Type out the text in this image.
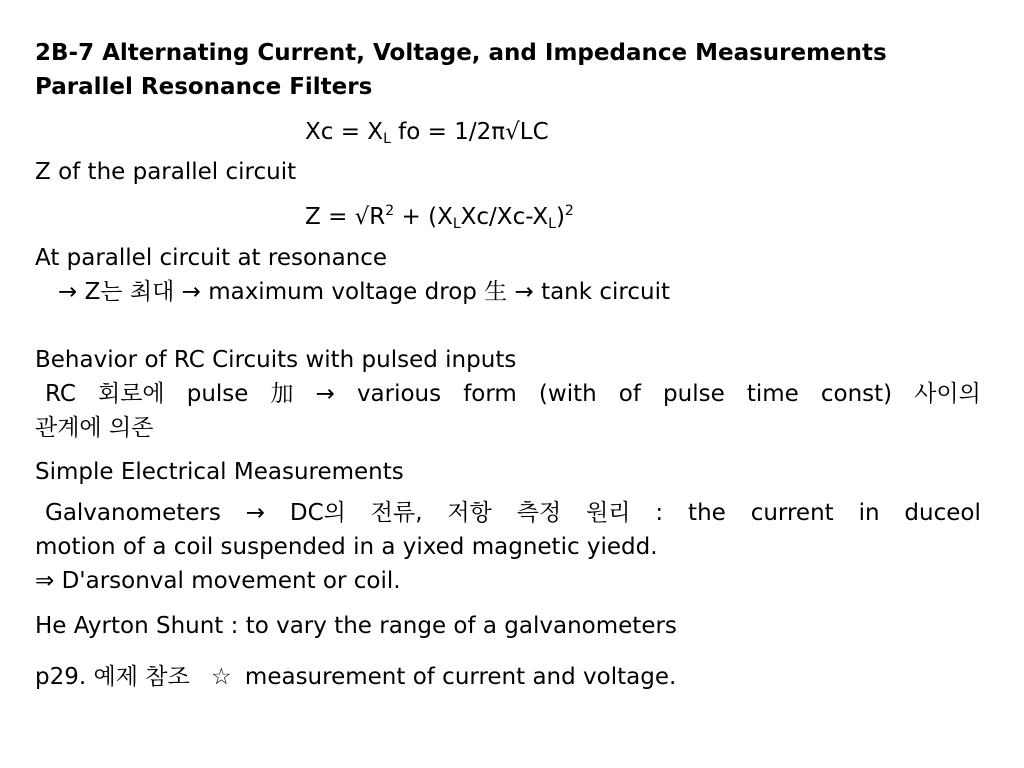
2B-7 Alternating Current, Voltage, and Impedance Measurements
Parallel Resonance Filters
$Xc = X_L$ fo = 1/2π√LC
Z of the parallel circuit
$Z = √R^2 + (X_LXc/Xc-X_L)^2$
At parallel circuit at resonance
→ Z는 최대 → maximum voltage drop 生 → tank circuit
Behavior of RC Circuits with pulsed inputs
RC 회로에 pulse 加 → various form (with of pulse time const) 사이의
관계에 의존
Simple Electrical Measurements
Galvanometers → DC의 전류, 저항 측정 원리 : the current in duceol
motion of a coil suspended in a yixed magnetic yiedd.
⇒ D'arsonval movement or coil.
He Ayrton Shunt : to vary the range of a galvanometers
p29. 예제 참조 ☆ measurement of current and voltage.
